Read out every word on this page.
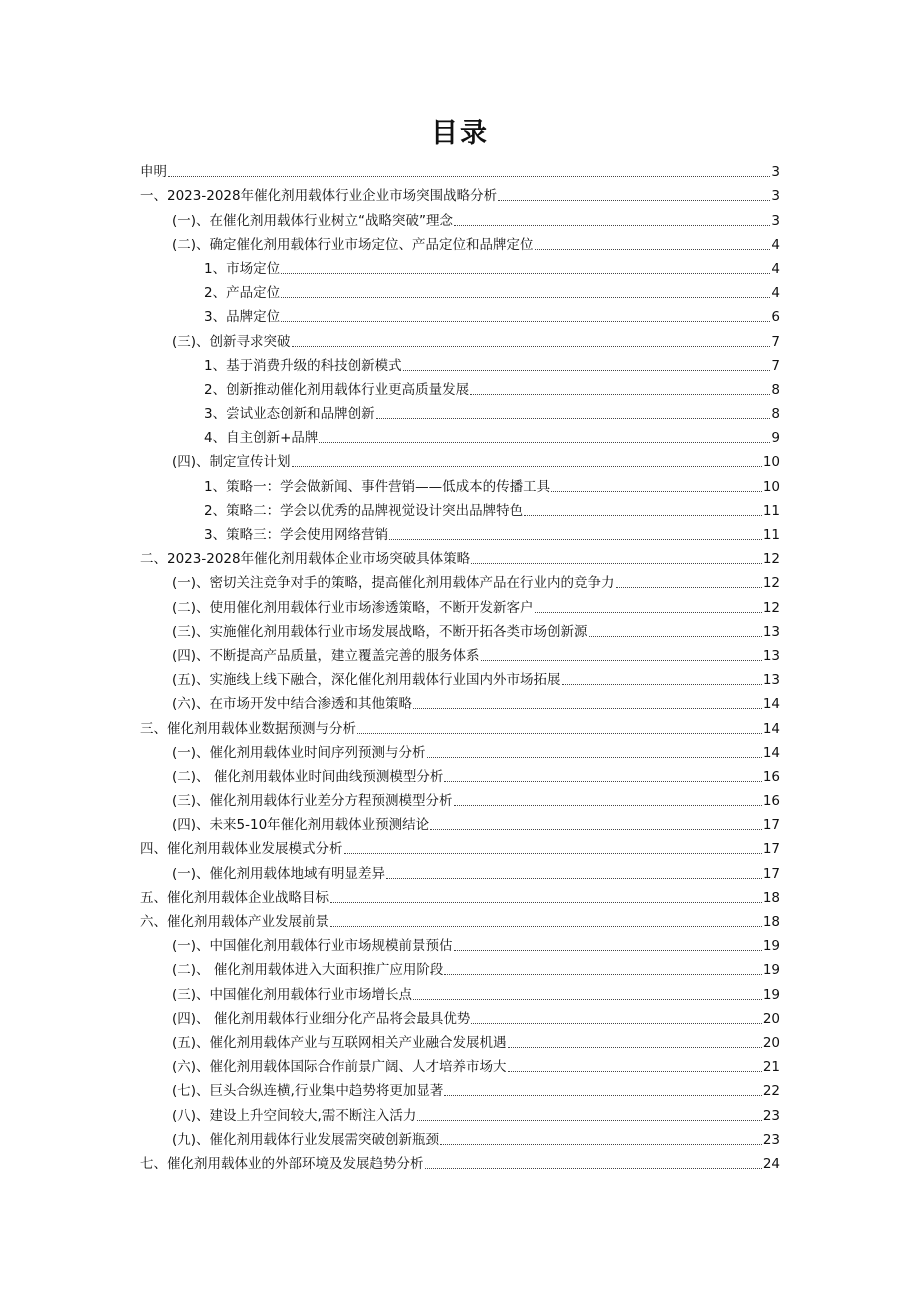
目录
申明	3
一、2023-2028年催化剂用载体行业企业市场突围战略分析	3
(一)、在催化剂用载体行业树立“战略突破”理念	3
(二)、确定催化剂用载体行业市场定位、产品定位和品牌定位	4
1、市场定位	4
2、产品定位	4
3、品牌定位	6
(三)、创新寻求突破	7
1、基于消费升级的科技创新模式	7
2、创新推动催化剂用载体行业更高质量发展	8
3、尝试业态创新和品牌创新	8
4、自主创新+品牌	9
(四)、制定宣传计划	10
1、策略一：学会做新闻、事件营销——低成本的传播工具	10
2、策略二：学会以优秀的品牌视觉设计突出品牌特色	11
3、策略三：学会使用网络营销	11
二、2023-2028年催化剂用载体企业市场突破具体策略	12
(一)、密切关注竞争对手的策略，提高催化剂用载体产品在行业内的竞争力	12
(二)、使用催化剂用载体行业市场渗透策略，不断开发新客户	12
(三)、实施催化剂用载体行业市场发展战略，不断开拓各类市场创新源	13
(四)、不断提高产品质量，建立覆盖完善的服务体系	13
(五)、实施线上线下融合，深化催化剂用载体行业国内外市场拓展	13
(六)、在市场开发中结合渗透和其他策略	14
三、催化剂用载体业数据预测与分析	14
(一)、催化剂用载体业时间序列预测与分析	14
(二)、 催化剂用载体业时间曲线预测模型分析	16
(三)、催化剂用载体行业差分方程预测模型分析	16
(四)、未来5-10年催化剂用载体业预测结论	17
四、催化剂用载体业发展模式分析	17
(一)、催化剂用载体地域有明显差异	17
五、催化剂用载体企业战略目标	18
六、催化剂用载体产业发展前景	18
(一)、中国催化剂用载体行业市场规模前景预估	19
(二)、 催化剂用载体进入大面积推广应用阶段	19
(三)、中国催化剂用载体行业市场增长点	19
(四)、 催化剂用载体行业细分化产品将会最具优势	20
(五)、催化剂用载体产业与互联网相关产业融合发展机遇	20
(六)、催化剂用载体国际合作前景广阔、人才培养市场大	21
(七)、巨头合纵连横,行业集中趋势将更加显著	22
(八)、建设上升空间较大,需不断注入活力	23
(九)、催化剂用载体行业发展需突破创新瓶颈	23
七、催化剂用载体业的外部环境及发展趋势分析	24
